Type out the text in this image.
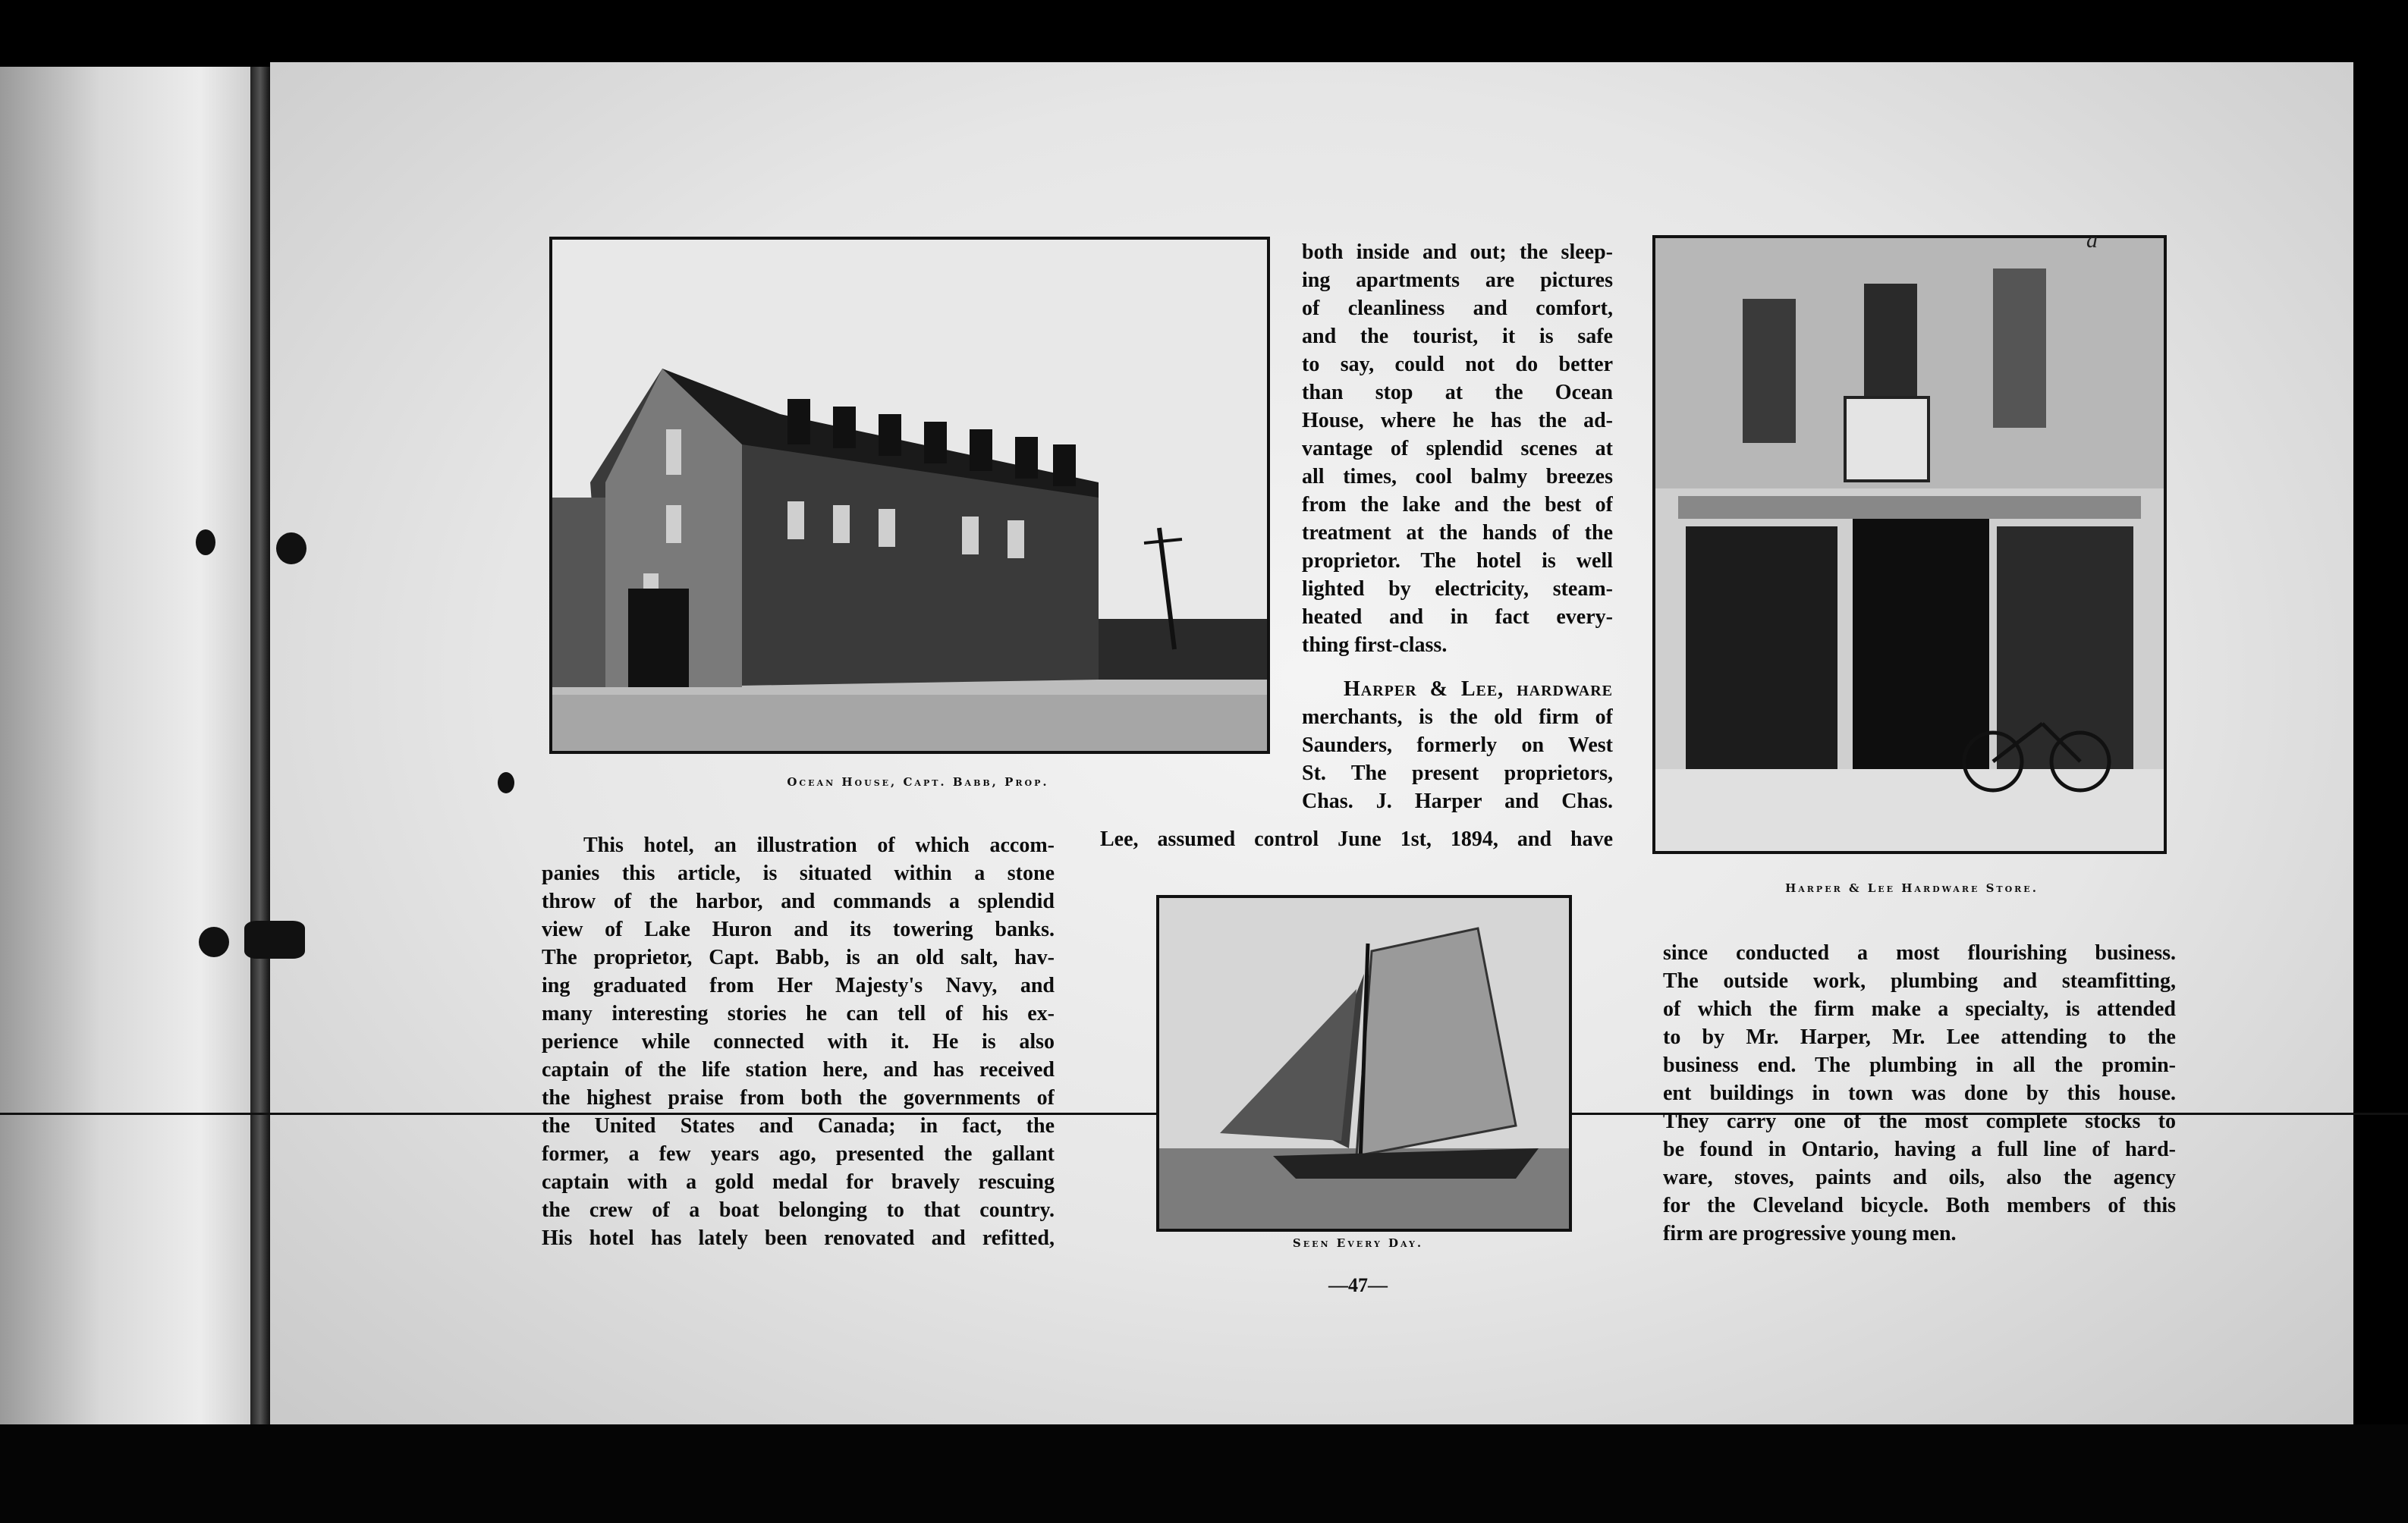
Ocean House, Capt. Babb, Prop.
Harper & Lee Hardware Store.
Seen Every Day.
This hotel, an illustration of which accom-
panies this article, is situated within a stone
throw of the harbor, and commands a splendid
view of Lake Huron and its towering banks.
The proprietor, Capt. Babb, is an old salt, hav-
ing graduated from Her Majesty's Navy, and
many interesting stories he can tell of his ex-
perience while connected with it. He is also
captain of the life station here, and has received
the highest praise from both the governments of
the United States and Canada; in fact, the
former, a few years ago, presented the gallant
captain with a gold medal for bravely rescuing
the crew of a boat belonging to that country.
His hotel has lately been renovated and refitted,
both inside and out; the sleep-
ing apartments are pictures
of cleanliness and comfort,
and the tourist, it is safe
to say, could not do better
than stop at the Ocean
House, where he has the ad-
vantage of splendid scenes at
all times, cool balmy breezes
from the lake and the best of
treatment at the hands of the
proprietor. The hotel is well
lighted by electricity, steam-
heated and in fact every-
thing first-class.
Harper & Lee, hardware
merchants, is the old firm of
Saunders, formerly on West
St. The present proprietors,
Chas. J. Harper and Chas.
Lee, assumed control June 1st, 1894, and have
since conducted a most flourishing business.
The outside work, plumbing and steamfitting,
of which the firm make a specialty, is attended
to by Mr. Harper, Mr. Lee attending to the
business end. The plumbing in all the promin-
ent buildings in town was done by this house.
They carry one of the most complete stocks to
be found in Ontario, having a full line of hard-
ware, stoves, paints and oils, also the agency
for the Cleveland bicycle. Both members of this
firm are progressive young men.
—47—
a
